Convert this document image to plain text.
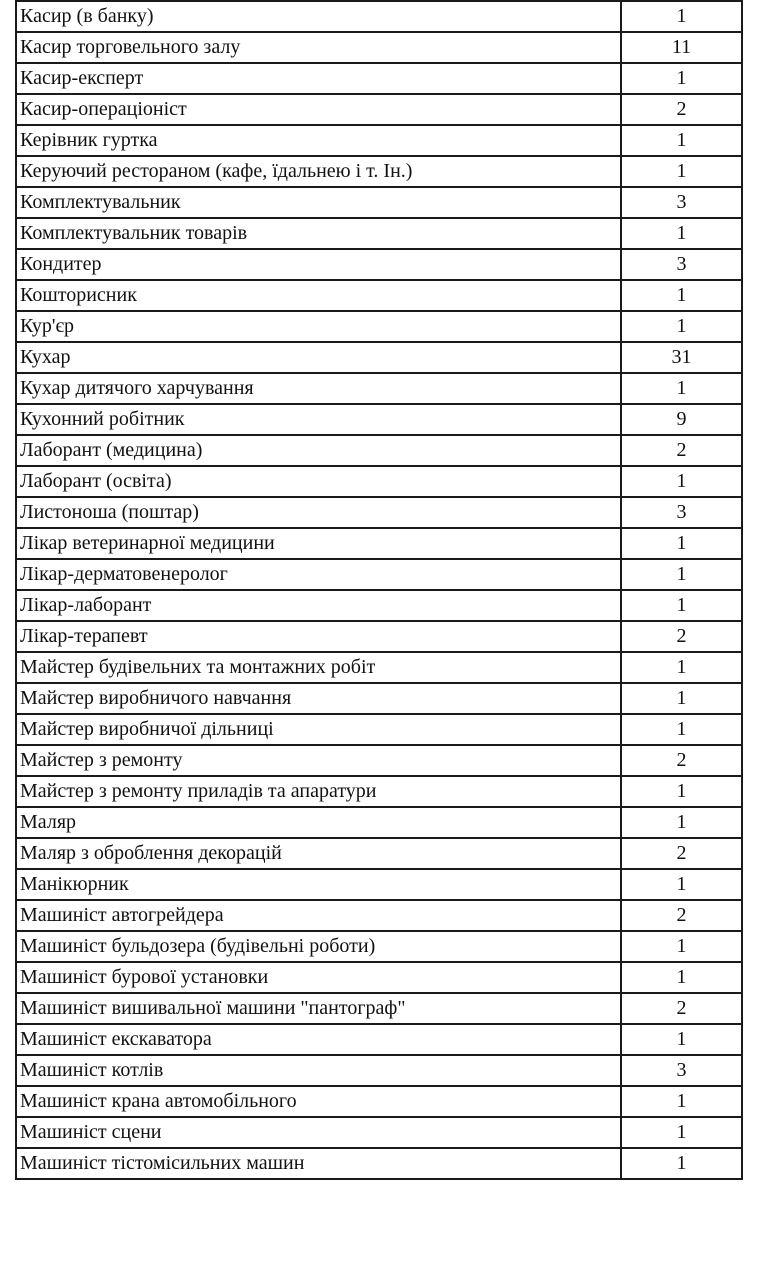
Касир (в банку)	1
Касир торговельного залу	11
Касир-експерт	1
Касир-операціоніст	2
Керівник гуртка	1
Керуючий рестораном (кафе, їдальнею і т. Ін.)	1
Комплектувальник	3
Комплектувальник товарів	1
Кондитер	3
Кошторисник	1
Кур'єр	1
Кухар	31
Кухар дитячого харчування	1
Кухонний робітник	9
Лаборант (медицина)	2
Лаборант (освіта)	1
Листоноша (поштар)	3
Лікар ветеринарної медицини	1
Лікар-дерматовенеролог	1
Лікар-лаборант	1
Лікар-терапевт	2
Майстер будівельних та монтажних робіт	1
Майстер виробничого навчання	1
Майстер виробничої дільниці	1
Майстер з ремонту	2
Майстер з ремонту приладів та апаратури	1
Маляр	1
Маляр з оброблення декорацій	2
Манікюрник	1
Машиніст автогрейдера	2
Машиніст бульдозера (будівельні роботи)	1
Машиніст бурової установки	1
Машиніст вишивальної машини "пантограф"	2
Машиніст екскаватора	1
Машиніст котлів	3
Машиніст крана автомобільного	1
Машиніст сцени	1
Машиніст тістомісильних машин	1
